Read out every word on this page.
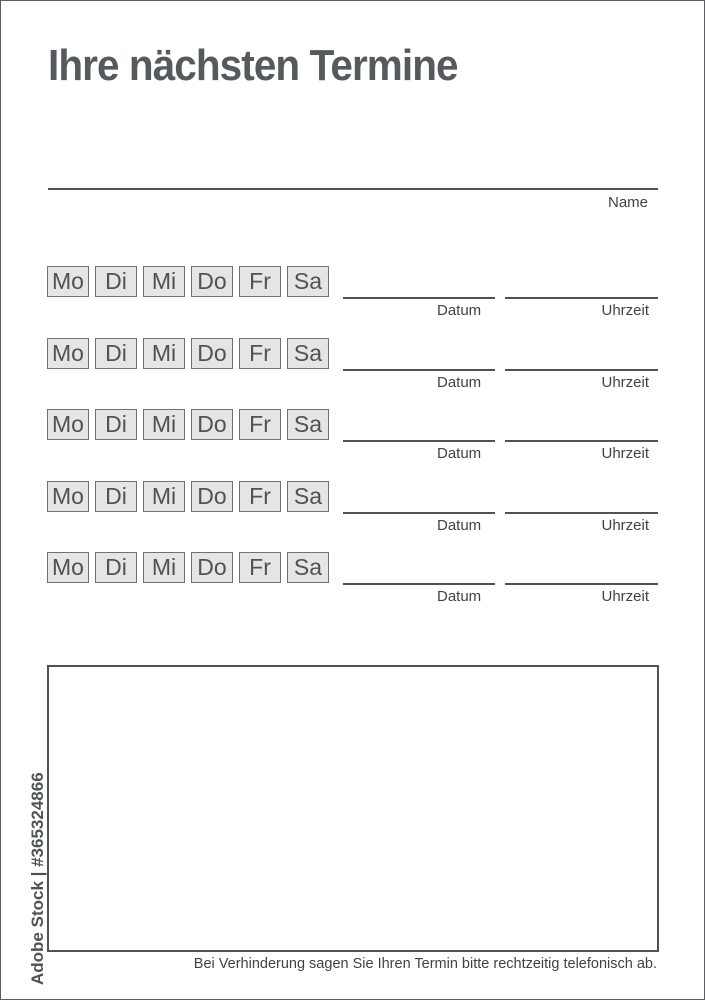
Ihre nächsten Termine
Name
Mo Di	Mi Do Fr	Sa
Datum	Uhrzeit
Mo Di	Mi Do Fr	Sa
Datum	Uhrzeit
Mo Di	Mi Do Fr	Sa
Datum	Uhrzeit
Mo Di	Mi Do Fr	Sa
Datum	Uhrzeit
Mo Di	Mi Do Fr	Sa
Datum	Uhrzeit
Bei Verhinderung sagen Sie Ihren Termin bitte rechtzeitig telefonisch ab.
Adobe Stock | #365324866
